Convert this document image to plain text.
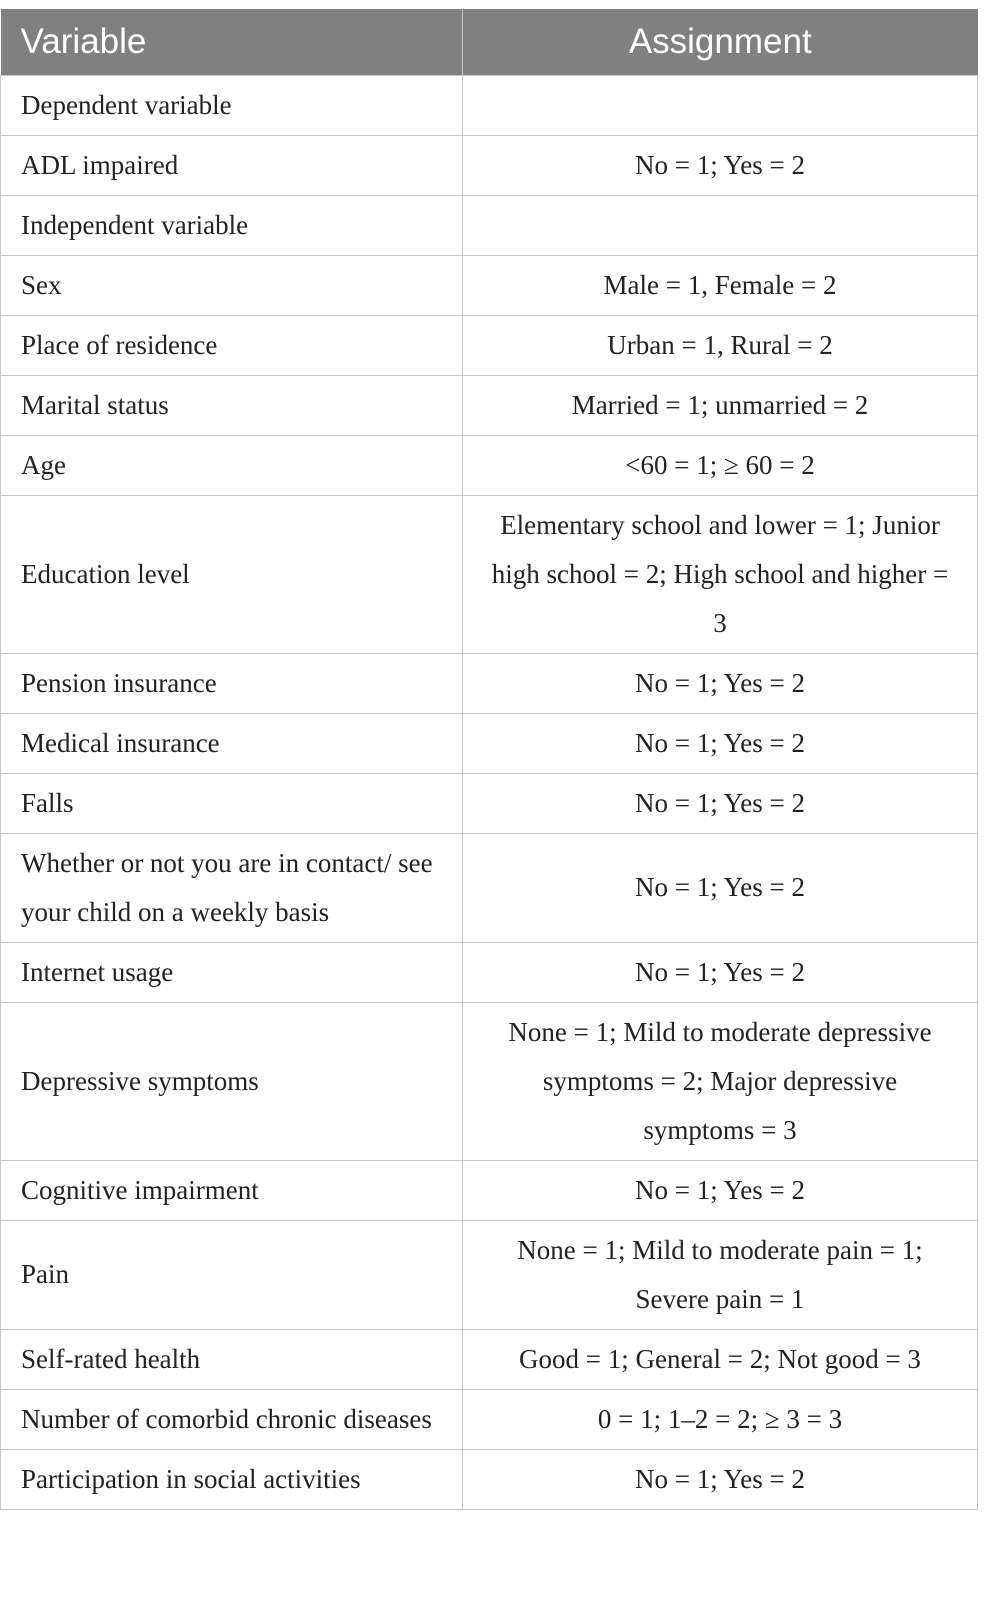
Variable	Assignment
Dependent variable	
ADL impaired	No = 1; Yes = 2
Independent variable	
Sex	Male = 1, Female = 2
Place of residence	Urban = 1, Rural = 2
Marital status	Married = 1; unmarried = 2
Age	<60 = 1; ≥ 60 = 2
Education level	Elementary school and lower = 1; Junior high school = 2; High school and higher = 3
Pension insurance	No = 1; Yes = 2
Medical insurance	No = 1; Yes = 2
Falls	No = 1; Yes = 2
Whether or not you are in contact/ see your child on a weekly basis	No = 1; Yes = 2
Internet usage	No = 1; Yes = 2
Depressive symptoms	None = 1; Mild to moderate depressive symptoms = 2; Major depressive symptoms = 3
Cognitive impairment	No = 1; Yes = 2
Pain	None = 1; Mild to moderate pain = 1; Severe pain = 1
Self-rated health	Good = 1; General = 2; Not good = 3
Number of comorbid chronic diseases	0 = 1; 1–2 = 2; ≥ 3 = 3
Participation in social activities	No = 1; Yes = 2
